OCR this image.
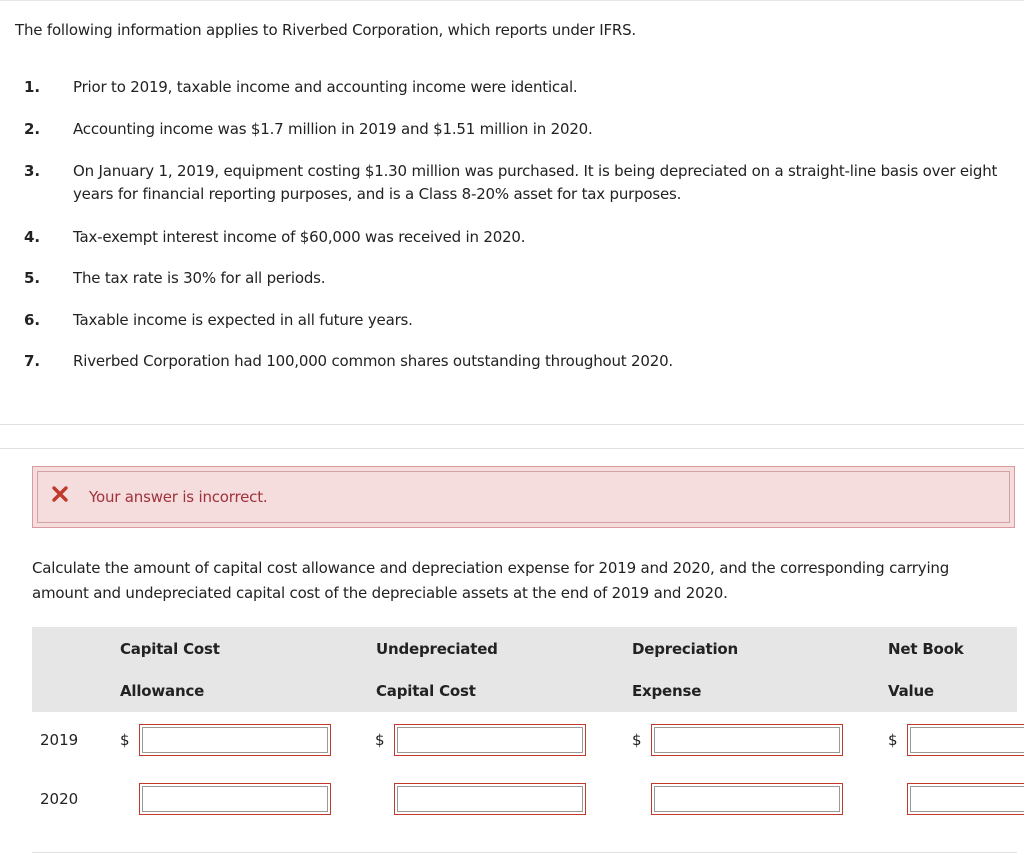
The following information applies to Riverbed Corporation, which reports under IFRS.
1. Prior to 2019, taxable income and accounting income were identical.
2. Accounting income was $1.7 million in 2019 and $1.51 million in 2020.
3. On January 1, 2019, equipment costing $1.30 million was purchased. It is being depreciated on a straight-line basis over eight years for financial reporting purposes, and is a Class 8-20% asset for tax purposes.
4. Tax-exempt interest income of $60,000 was received in 2020.
5. The tax rate is 30% for all periods.
6. Taxable income is expected in all future years.
7. Riverbed Corporation had 100,000 common shares outstanding throughout 2020.
Your answer is incorrect.
Calculate the amount of capital cost allowance and depreciation expense for 2019 and 2020, and the corresponding carrying amount and undepreciated capital cost of the depreciable assets at the end of 2019 and 2020.
Capital Cost
Allowance
Undepreciated
Capital Cost
Depreciation
Expense
Net Book
Value
2019	$	$	$	$
2020
